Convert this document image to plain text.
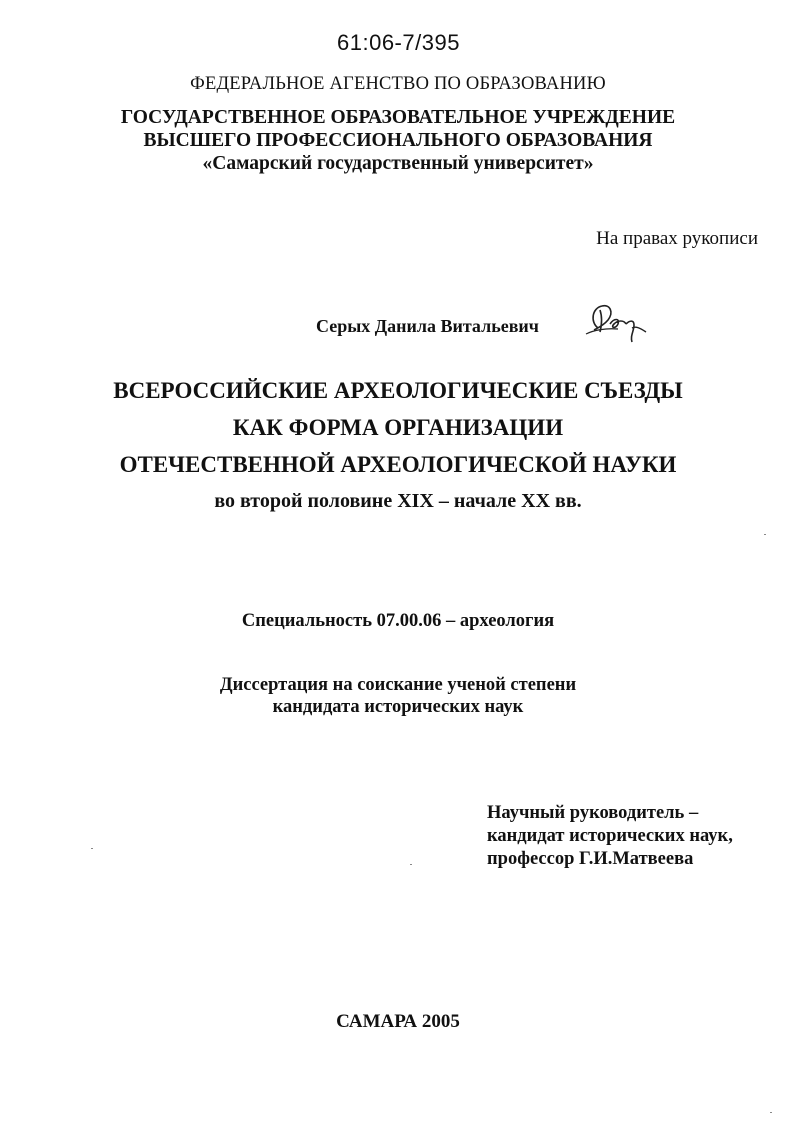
61:06-7/395
ФЕДЕРАЛЬНОЕ АГЕНСТВО ПО ОБРАЗОВАНИЮ
ГОСУДАРСТВЕННОЕ ОБРАЗОВАТЕЛЬНОЕ УЧРЕЖДЕНИЕ
ВЫСШЕГО ПРОФЕССИОНАЛЬНОГО ОБРАЗОВАНИЯ
«Самарский государственный университет»
На правах рукописи
Серых Данила Витальевич
ВСЕРОССИЙСКИЕ АРХЕОЛОГИЧЕСКИЕ СЪЕЗДЫ
КАК ФОРМА ОРГАНИЗАЦИИ
ОТЕЧЕСТВЕННОЙ АРХЕОЛОГИЧЕСКОЙ НАУКИ
во второй половине XIX – начале XX вв.
Специальность 07.00.06 – археология
Диссертация на соискание ученой степени
кандидата исторических наук
Научный руководитель –
кандидат исторических наук,
профессор Г.И.Матвеева
САМАРА 2005
